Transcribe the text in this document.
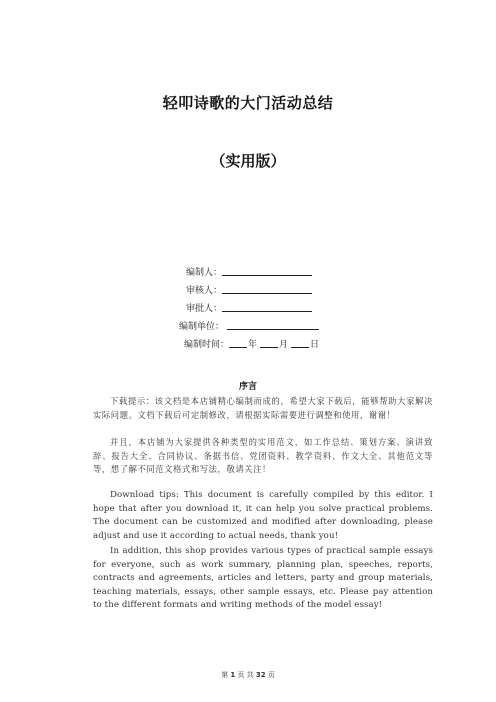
轻叩诗歌的大门活动总结
（实用版）
编制人：
审核人：
审批人：
编制单位：
编制时间： 年 月 日
序言

下载提示：该文档是本店铺精心编制而成的，希望大家下载后，能够帮助大家解决实际问题。文档下载后可定制修改，请根据实际需要进行调整和使用，谢谢！

并且，本店铺为大家提供各种类型的实用范文，如工作总结、策划方案、演讲致辞、报告大全、合同协议、条据书信、党团资料、教学资料、作文大全、其他范文等等，想了解不同范文格式和写法，敬请关注！

Download tips: This document is carefully compiled by this editor. I hope that after you download it, it can help you solve practical problems. The document can be customized and modified after downloading, please adjust and use it according to actual needs, thank you!

In addition, this shop provides various types of practical sample essays for everyone, such as work summary, planning plan, speeches, reports, contracts and agreements, articles and letters, party and group materials, teaching materials, essays, other sample essays, etc. Please pay attention to the different formats and writing methods of the model essay!

第 1 页 共 32 页
